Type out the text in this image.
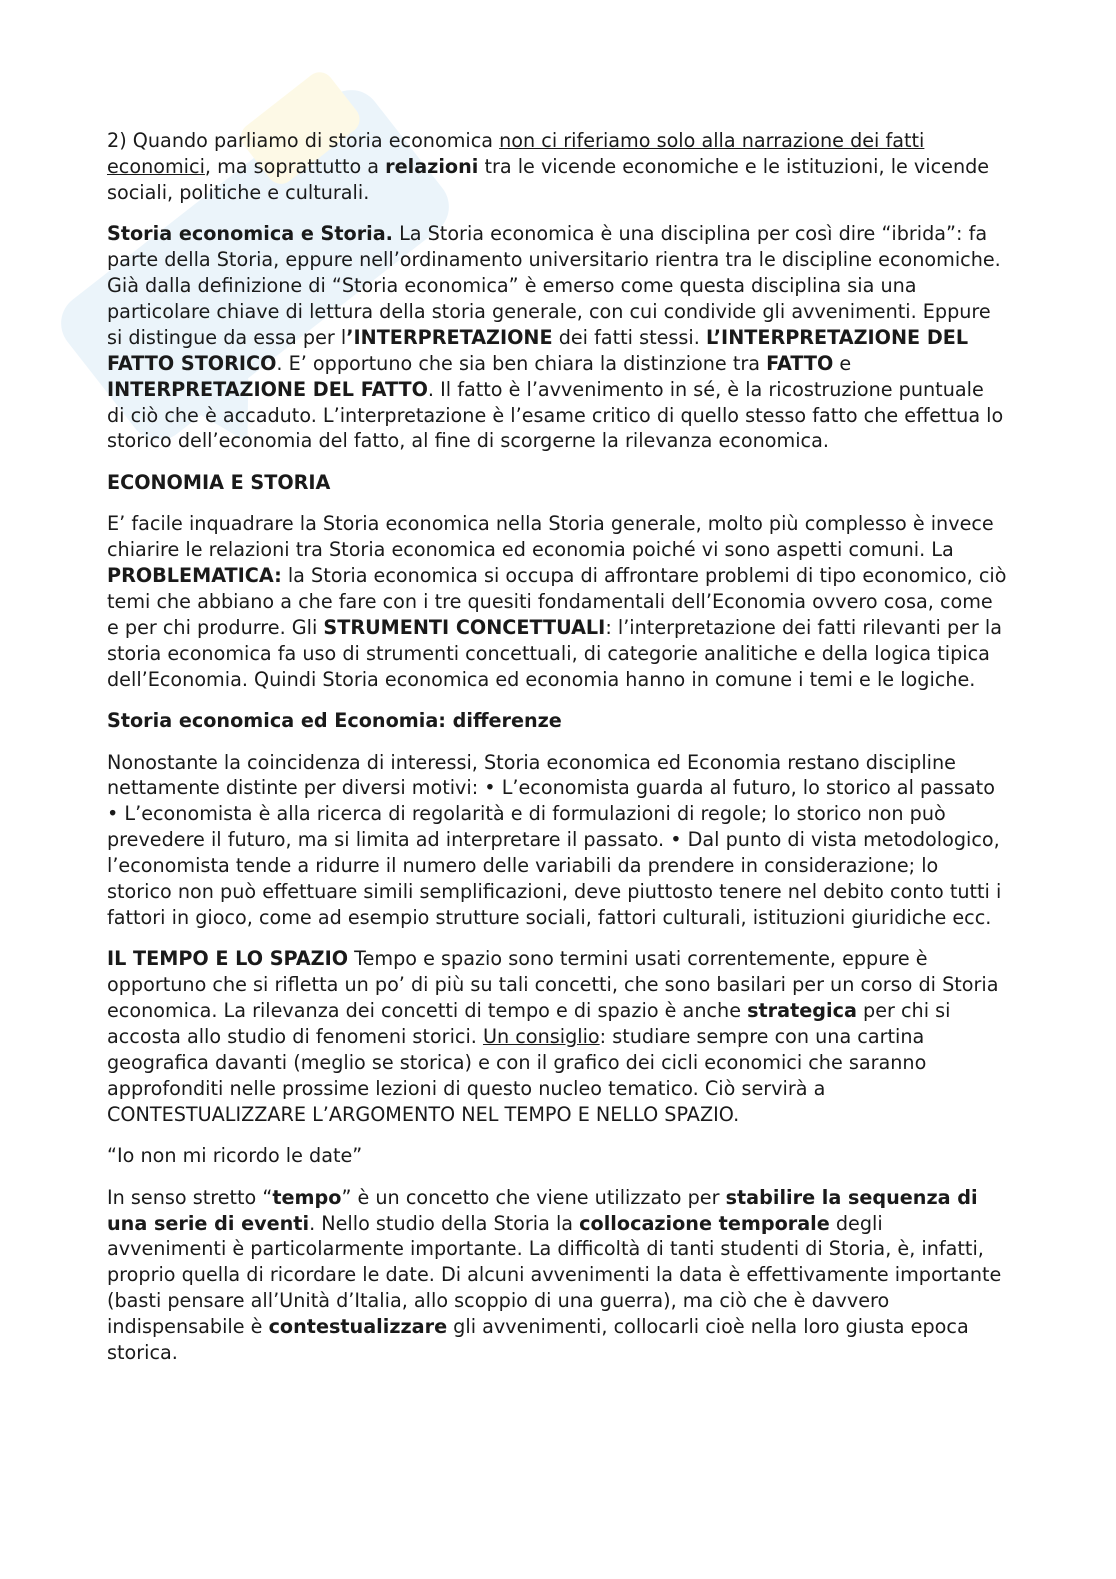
2) Quando parliamo di storia economica non ci riferiamo solo alla narrazione dei fatti economici, ma soprattutto a relazioni tra le vicende economiche e le istituzioni, le vicende sociali, politiche e culturali.

Storia economica e Storia. La Storia economica è una disciplina per così dire “ibrida”: fa parte della Storia, eppure nell’ordinamento universitario rientra tra le discipline economiche. Già dalla definizione di “Storia economica” è emerso come questa disciplina sia una particolare chiave di lettura della storia generale, con cui condivide gli avvenimenti. Eppure si distingue da essa per l’INTERPRETAZIONE dei fatti stessi. L’INTERPRETAZIONE DEL FATTO STORICO. E’ opportuno che sia ben chiara la distinzione tra FATTO e INTERPRETAZIONE DEL FATTO. Il fatto è l’avvenimento in sé, è la ricostruzione puntuale di ciò che è accaduto. L’interpretazione è l’esame critico di quello stesso fatto che effettua lo storico dell’economia del fatto, al fine di scorgerne la rilevanza economica.

ECONOMIA E STORIA

E’ facile inquadrare la Storia economica nella Storia generale, molto più complesso è invece chiarire le relazioni tra Storia economica ed economia poiché vi sono aspetti comuni. La PROBLEMATICA: la Storia economica si occupa di affrontare problemi di tipo economico, ciò temi che abbiano a che fare con i tre quesiti fondamentali dell’Economia ovvero cosa, come e per chi produrre. Gli STRUMENTI CONCETTUALI: l’interpretazione dei fatti rilevanti per la storia economica fa uso di strumenti concettuali, di categorie analitiche e della logica tipica dell’Economia. Quindi Storia economica ed economia hanno in comune i temi e le logiche.

Storia economica ed Economia: differenze

Nonostante la coincidenza di interessi, Storia economica ed Economia restano discipline nettamente distinte per diversi motivi: • L’economista guarda al futuro, lo storico al passato • L’economista è alla ricerca di regolarità e di formulazioni di regole; lo storico non può prevedere il futuro, ma si limita ad interpretare il passato. • Dal punto di vista metodologico, l’economista tende a ridurre il numero delle variabili da prendere in considerazione; lo storico non può effettuare simili semplificazioni, deve piuttosto tenere nel debito conto tutti i fattori in gioco, come ad esempio strutture sociali, fattori culturali, istituzioni giuridiche ecc.

IL TEMPO E LO SPAZIO Tempo e spazio sono termini usati correntemente, eppure è opportuno che si rifletta un po’ di più su tali concetti, che sono basilari per un corso di Storia economica. La rilevanza dei concetti di tempo e di spazio è anche strategica per chi si accosta allo studio di fenomeni storici. Un consiglio: studiare sempre con una cartina geografica davanti (meglio se storica) e con il grafico dei cicli economici che saranno approfonditi nelle prossime lezioni di questo nucleo tematico. Ciò servirà a CONTESTUALIZZARE L’ARGOMENTO NEL TEMPO E NELLO SPAZIO.

“Io non mi ricordo le date”

In senso stretto “tempo” è un concetto che viene utilizzato per stabilire la sequenza di una serie di eventi. Nello studio della Storia la collocazione temporale degli avvenimenti è particolarmente importante. La difficoltà di tanti studenti di Storia, è, infatti, proprio quella di ricordare le date. Di alcuni avvenimenti la data è effettivamente importante (basti pensare all’Unità d’Italia, allo scoppio di una guerra), ma ciò che è davvero indispensabile è contestualizzare gli avvenimenti, collocarli cioè nella loro giusta epoca storica.
